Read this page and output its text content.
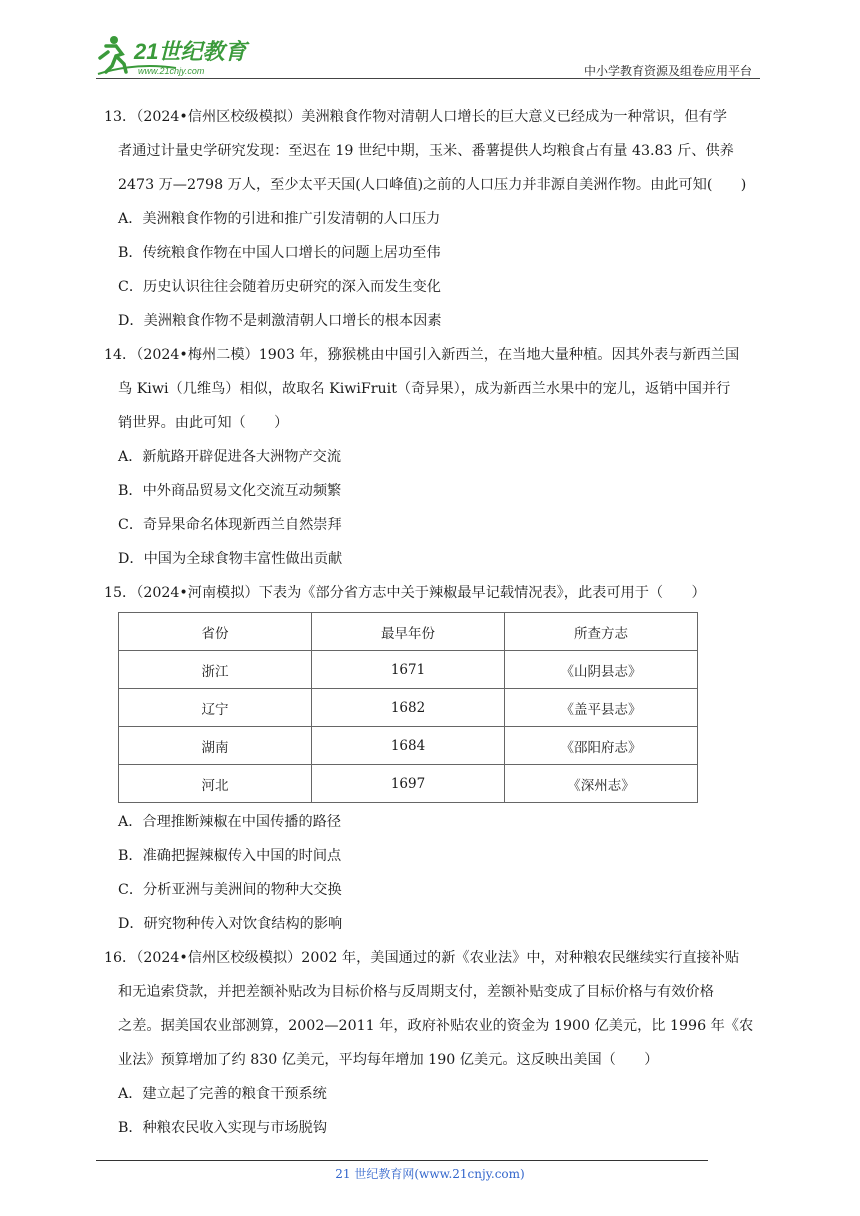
21世纪教育
www.21cnjy.com	中小学教育资源及组卷应用平台
13．（2024•信州区校级模拟）美洲粮食作物对清朝人口增长的巨大意义已经成为一种常识，但有学
者通过计量史学研究发现：至迟在 19 世纪中期，玉米、番薯提供人均粮食占有量 43.83 斤、供养
2473 万—2798 万人，至少太平天国(人口峰值)之前的人口压力并非源自美洲作物。由此可知(　　)
A．美洲粮食作物的引进和推广引发清朝的人口压力
B．传统粮食作物在中国人口增长的问题上居功至伟
C．历史认识往往会随着历史研究的深入而发生变化
D．美洲粮食作物不是刺激清朝人口增长的根本因素
14．（2024•梅州二模）1903 年，猕猴桃由中国引入新西兰，在当地大量种植。因其外表与新西兰国
鸟 Kiwi（几维鸟）相似，故取名 KiwiFruit（奇异果），成为新西兰水果中的宠儿，返销中国并行
销世界。由此可知（　　）
A．新航路开辟促进各大洲物产交流
B．中外商品贸易文化交流互动频繁
C．奇异果命名体现新西兰自然崇拜
D．中国为全球食物丰富性做出贡献
15．（2024•河南模拟）下表为《部分省方志中关于辣椒最早记载情况表》，此表可用于（　　）
省份	最早年份	所查方志
浙江	1671	《山阴县志》
辽宁	1682	《盖平县志》
湖南	1684	《邵阳府志》
河北	1697	《深州志》
A．合理推断辣椒在中国传播的路径
B．准确把握辣椒传入中国的时间点
C．分析亚洲与美洲间的物种大交换
D．研究物种传入对饮食结构的影响
16．（2024•信州区校级模拟）2002 年，美国通过的新《农业法》中，对种粮农民继续实行直接补贴
和无追索贷款，并把差额补贴改为目标价格与反周期支付，差额补贴变成了目标价格与有效价格
之差。据美国农业部测算，2002—2011 年，政府补贴农业的资金为 1900 亿美元，比 1996 年《农
业法》预算增加了约 830 亿美元，平均每年增加 190 亿美元。这反映出美国（　　）
A．建立起了完善的粮食干预系统
B．种粮农民收入实现与市场脱钩
21 世纪教育网(www.21cnjy.com)
